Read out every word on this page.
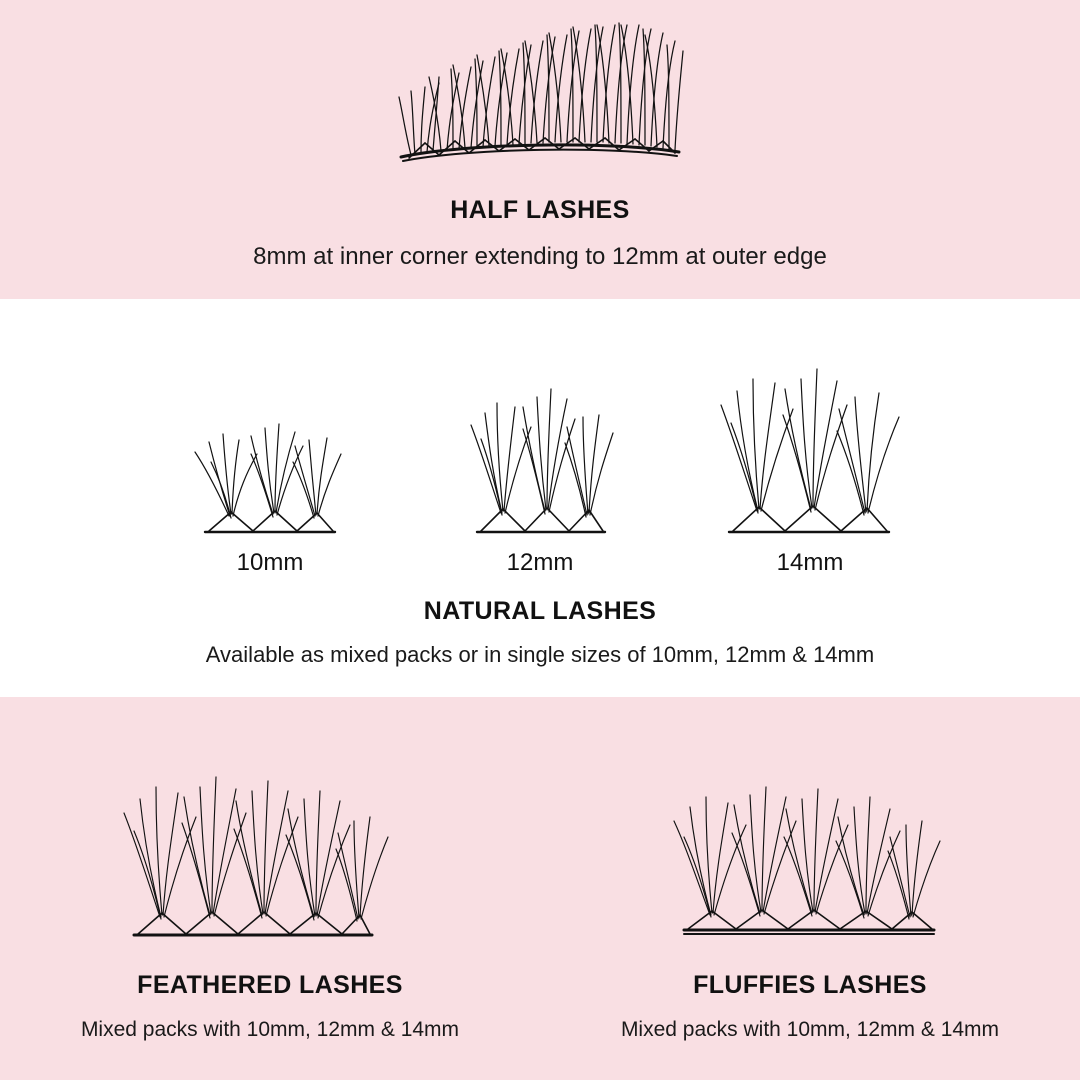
HALF LASHES
8mm at inner corner extending to 12mm at outer edge
10mm	12mm	14mm
NATURAL LASHES
Available as mixed packs or in single sizes of 10mm, 12mm & 14mm
FEATHERED LASHES
Mixed packs with 10mm, 12mm & 14mm
FLUFFIES LASHES
Mixed packs with 10mm, 12mm & 14mm
